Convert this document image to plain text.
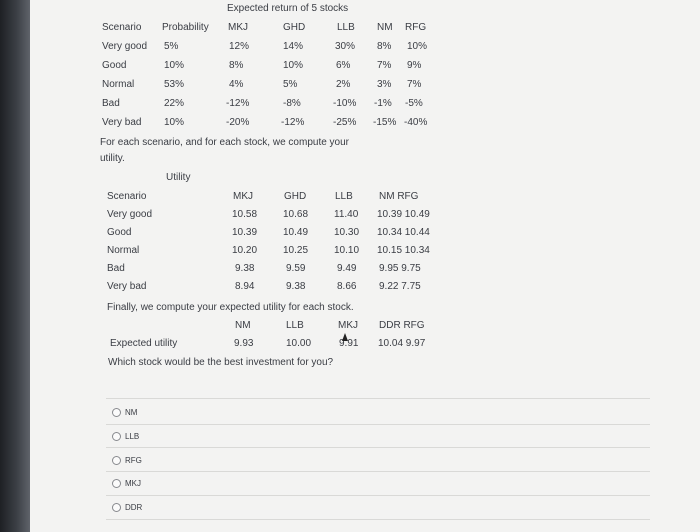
Expected return of 5 stocks
Scenario Probability MKJ	GHD	LLB NM RFG
Very good 5%	12%	14%	30% 8% 10%
Good	10%	8%	10%	6%	7% 9%
Normal	53%	4%	5%	2%	3% 7%
Bad	22%	-12%	-8%	-10% -1% -5%
Very bad 10%	-20%	-12%	-25% -15% -40%
For each scenario, and for each stock, we compute your utility.
Utility
Scenario	MKJ	GHD	LLB	NM RFG
Very good	10.58	10.68	11.40 10.39 10.49
Good	10.39	10.49	10.30 10.34 10.44
Normal	10.20	10.25	10.10 10.15 10.34
Bad	9.38	9.59	9.49 9.95 9.75
Very bad	8.94	9.38	8.66 9.22 7.75
Finally, we compute your expected utility for each stock.
NM	LLB	MKJ DDR RFG
Expected utility	9.93	10.00	9.91 10.04 9.97
Which stock would be the best investment for you?
NM
LLB
RFG
MKJ
DDR
